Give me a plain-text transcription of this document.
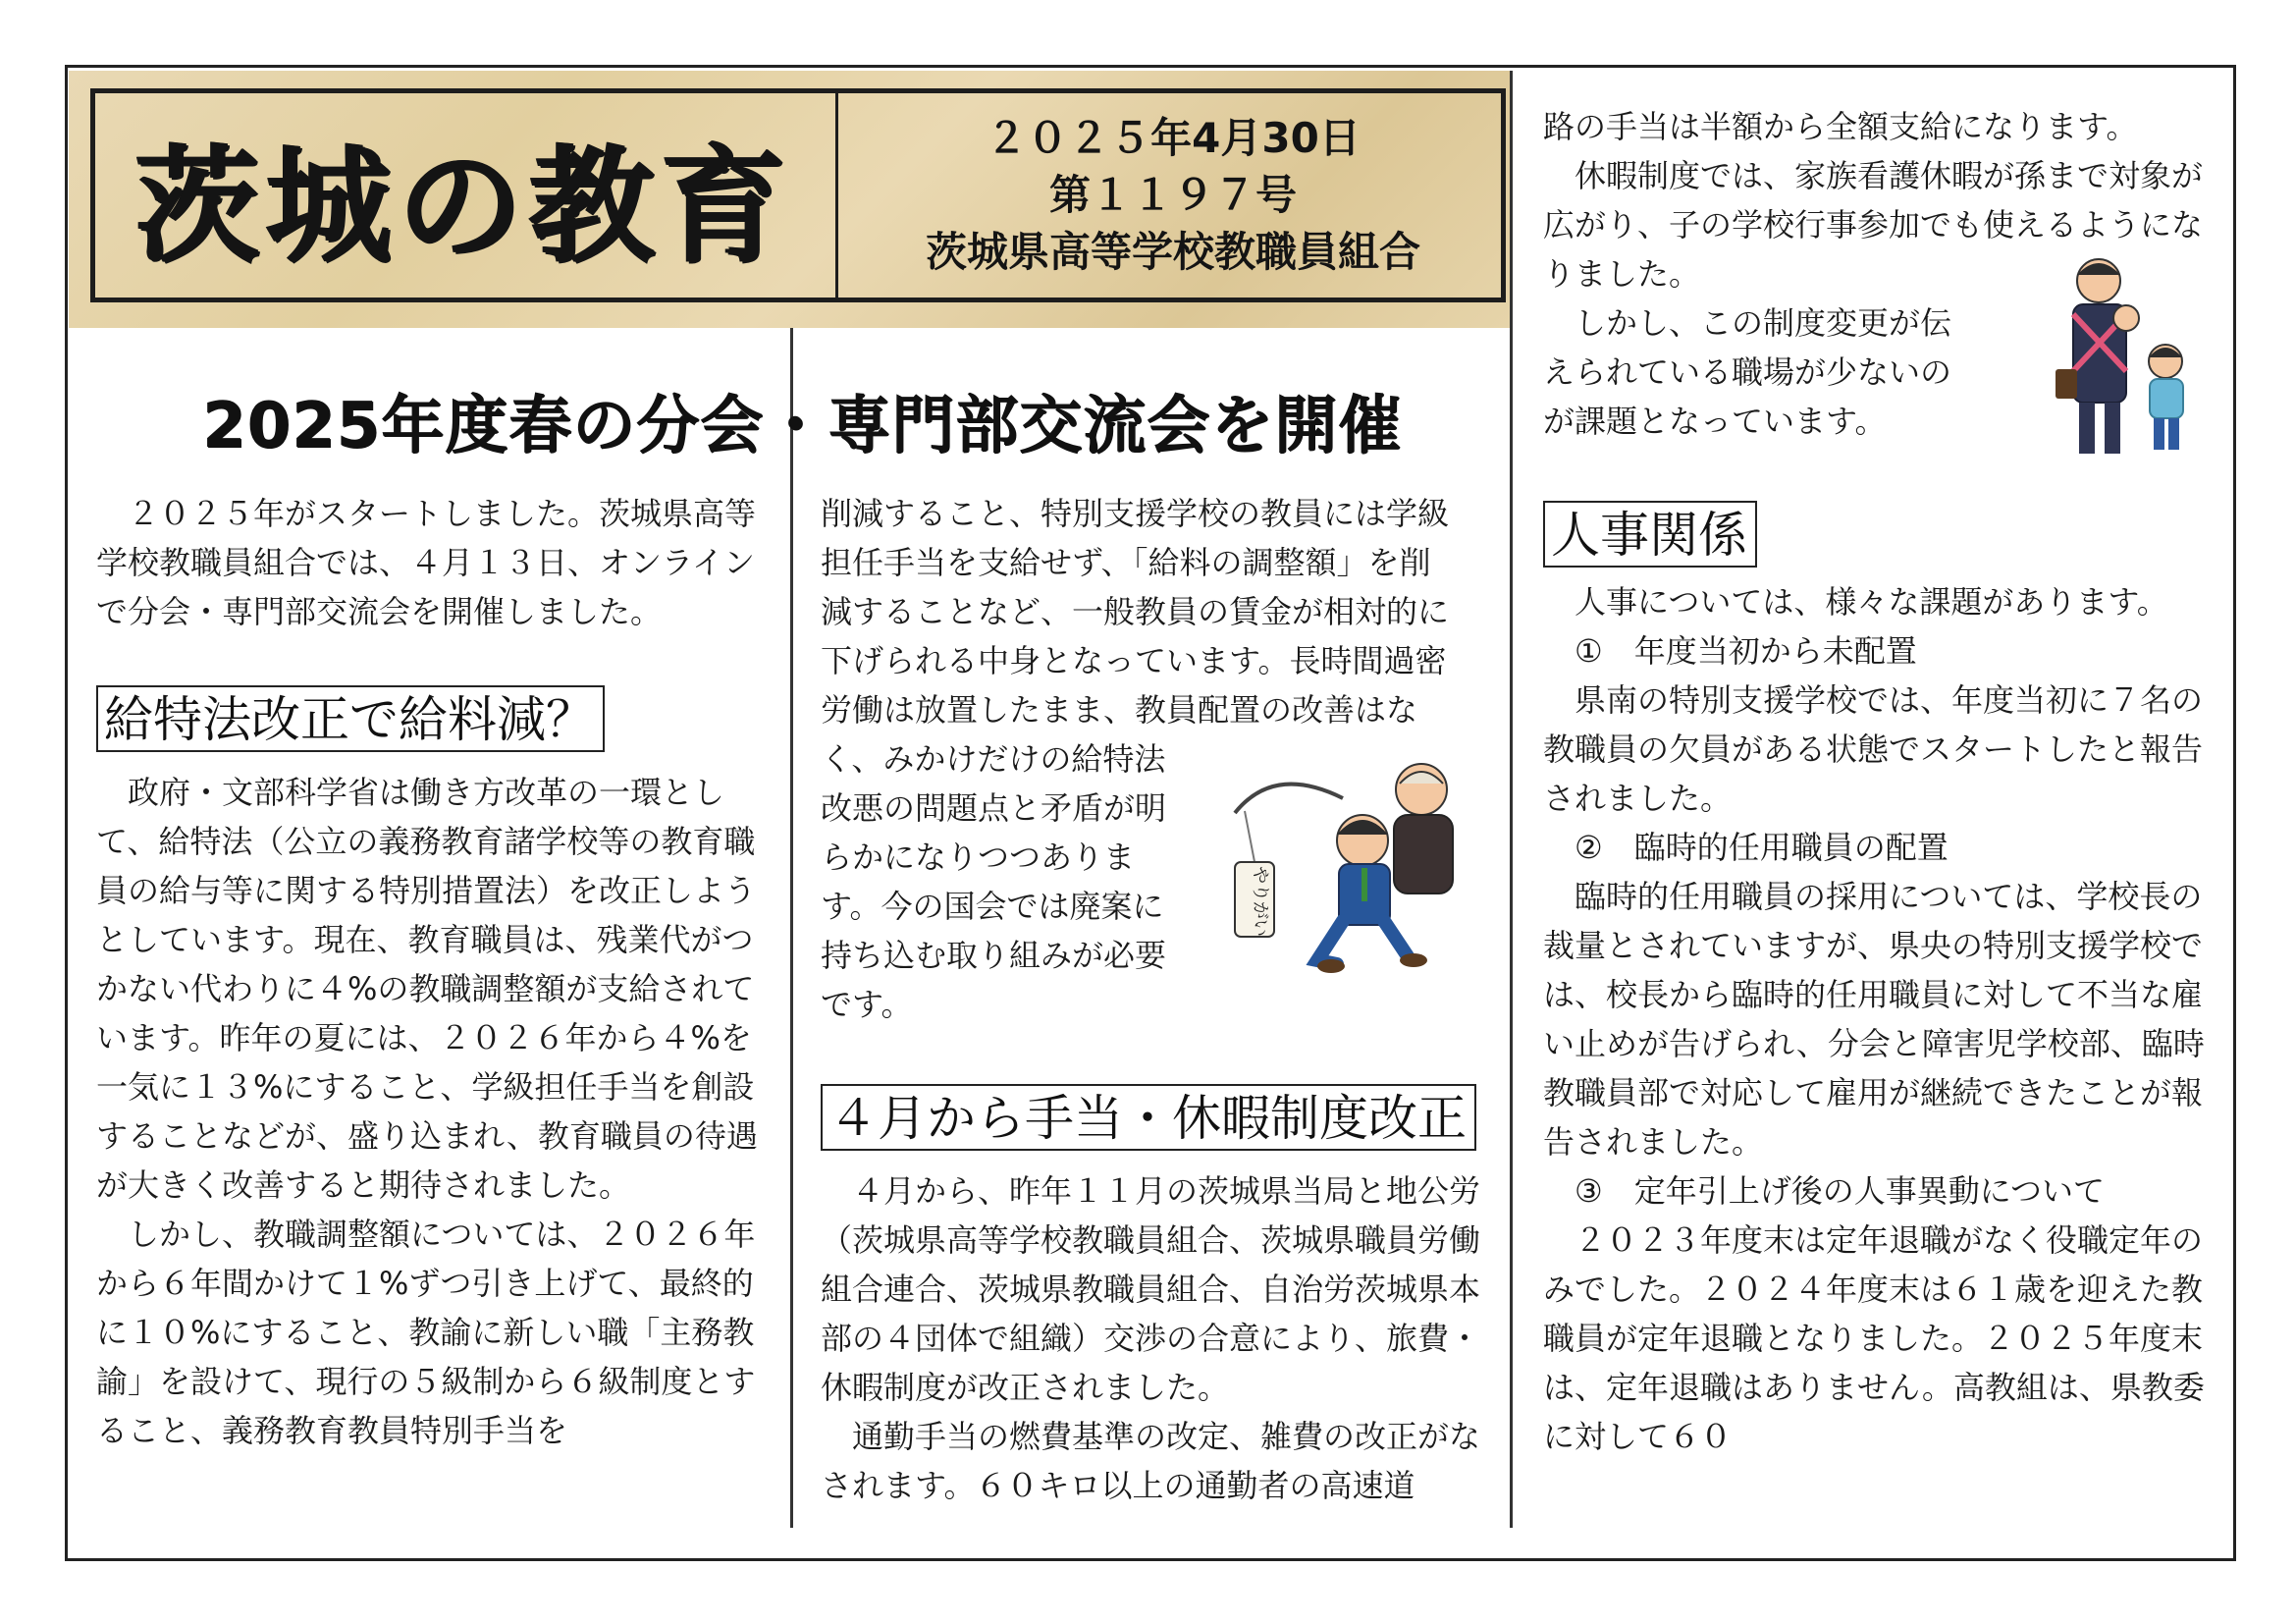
茨城の教育	２０２５年4月30日
第１１９７号
茨城県高等学校教職員組合
2025年度春の分会・専門部交流会を開催

２０２５年がスタートしました。茨城県高等学校教職員組合では、４月１３日、オンラインで分会・専門部交流会を開催しました。

給特法改正で給料減？

政府・文部科学省は働き方改革の一環として、給特法（公立の義務教育諸学校等の教育職員の給与等に関する特別措置法）を改正しようとしています。現在、教育職員は、残業代がつかない代わりに４%の教職調整額が支給されています。昨年の夏には、２０２６年から４%を一気に１３%にすること、学級担任手当を創設することなどが、盛り込まれ、教育職員の待遇が大きく改善すると期待されました。

しかし、教職調整額については、２０２６年から６年間かけて１%ずつ引き上げて、最終的に１０%にすること、教諭に新しい職「主務教諭」を設けて、現行の５級制から６級制度とすること、義務教育教員特別手当を

削減すること、特別支援学校の教員には学級

担任手当を支給せず、「給料の調整額」を削

減することなど、一般教員の賃金が相対的に

下げられる中身となっています。長時間過密

労働は放置したまま、教員配置の改善はな

く、みかけだけの給特法

改悪の問題点と矛盾が明

らかになりつつありま

す。今の国会では廃案に

持ち込む取り組みが必要

です。

４月から手当・休暇制度改正

４月から、昨年１１月の茨城県当局と地公労（茨城県高等学校教職員組合、茨城県職員労働組合連合、茨城県教職員組合、自治労茨城県本部の４団体で組織）交渉の合意により、旅費・休暇制度が改正されました。

通勤手当の燃費基準の改定、雑費の改正がなされます。６０キロ以上の通勤者の高速道

やりがい

路の手当は半額から全額支給になります。

休暇制度では、家族看護休暇が孫まで対象が広がり、子の学校行事参加でも使えるようになりました。

しかし、この制度変更が伝

えられている職場が少ないの

が課題となっています。

人事関係

人事については、様々な課題があります。

①　年度当初から未配置

県南の特別支援学校では、年度当初に７名の教職員の欠員がある状態でスタートしたと報告されました。

②　臨時的任用職員の配置

臨時的任用職員の採用については、学校長の裁量とされていますが、県央の特別支援学校では、校長から臨時的任用職員に対して不当な雇い止めが告げられ、分会と障害児学校部、臨時教職員部で対応して雇用が継続できたことが報告されました。

③　定年引上げ後の人事異動について

２０２３年度末は定年退職がなく役職定年のみでした。２０２４年度末は６１歳を迎えた教職員が定年退職となりました。２０２５年度末は、定年退職はありません。高教組は、県教委に対して６０
